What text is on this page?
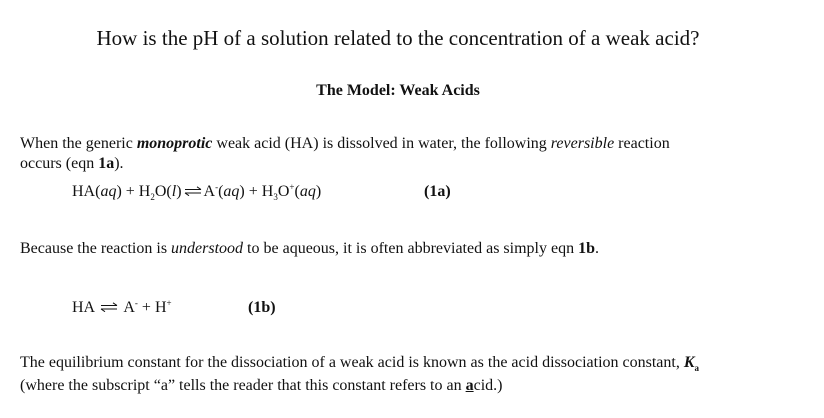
How is the pH of a solution related to the concentration of a weak acid?
The Model: Weak Acids
When the generic monoprotic weak acid (HA) is dissolved in water, the following reversible reaction
occurs (eqn 1a).
$HA(aq) + H_2O(l)$ ⇌ $A^-(aq) + H_3O^+(aq)$	(1a)
Because the reaction is understood to be aqueous, it is often abbreviated as simply eqn 1b.
HA ⇌ A- + H+	(1b)
The equilibrium constant for the dissociation of a weak acid is known as the acid dissociation constant, $K_a$
(where the subscript “a” tells the reader that this constant refers to an acid.)
